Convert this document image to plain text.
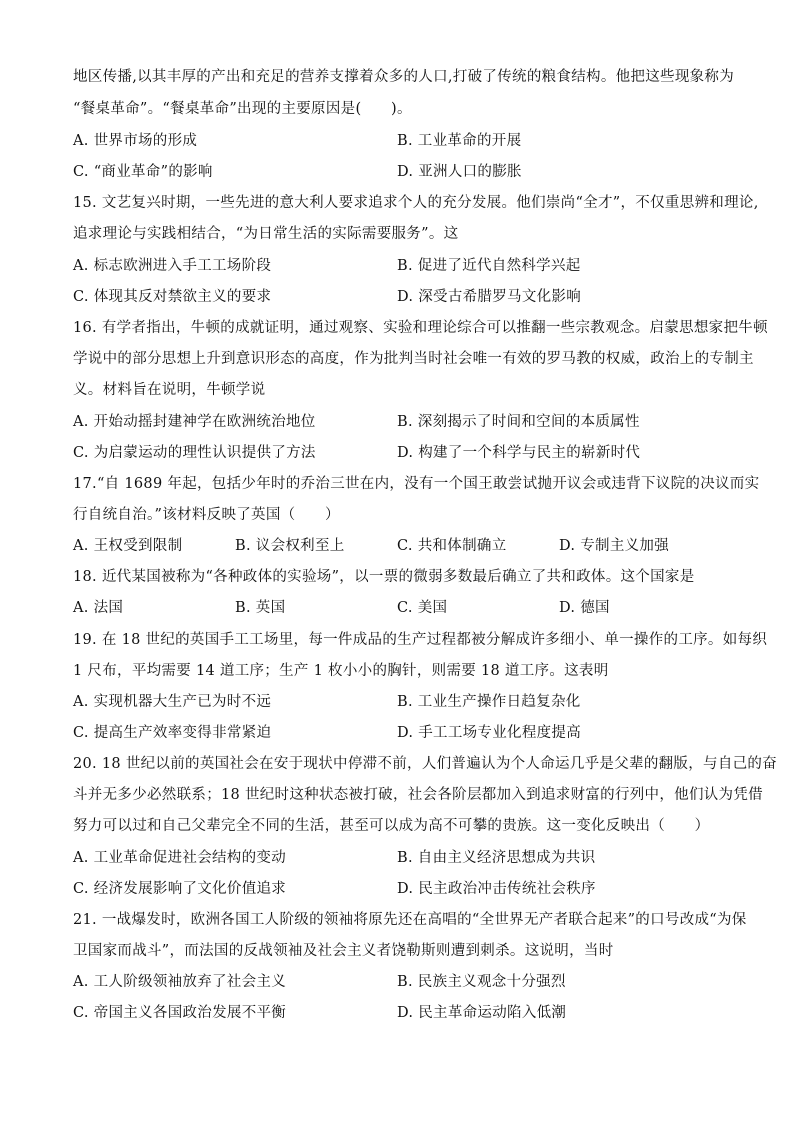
地区传播,以其丰厚的产出和充足的营养支撑着众多的人口,打破了传统的粮食结构。他把这些现象称为
“餐桌革命”。“餐桌革命”出现的主要原因是(　　)。
A. 世界市场的形成	B. 工业革命的开展
C. “商业革命”的影响	D. 亚洲人口的膨胀
15. 文艺复兴时期，一些先进的意大利人要求追求个人的充分发展。他们崇尚“全才”，不仅重思辨和理论,
追求理论与实践相结合，“为日常生活的实际需要服务”。这
A. 标志欧洲进入手工工场阶段	B. 促进了近代自然科学兴起
C. 体现其反对禁欲主义的要求	D. 深受古希腊罗马文化影响
16. 有学者指出，牛顿的成就证明，通过观察、实验和理论综合可以推翻一些宗教观念。启蒙思想家把牛顿
学说中的部分思想上升到意识形态的高度，作为批判当时社会唯一有效的罗马教的权威，政治上的专制主
义。材料旨在说明，牛顿学说
A. 开始动摇封建神学在欧洲统治地位	B. 深刻揭示了时间和空间的本质属性
C. 为启蒙运动的理性认识提供了方法	D. 构建了一个科学与民主的崭新时代
17.“自 1689 年起，包括少年时的乔治三世在内，没有一个国王敢尝试抛开议会或违背下议院的决议而实
行自统自治。”该材料反映了英国（　　）
A. 王权受到限制	B. 议会权利至上	C. 共和体制确立	D. 专制主义加强
18. 近代某国被称为“各种政体的实验场”，以一票的微弱多数最后确立了共和政体。这个国家是
A. 法国	B. 英国	C. 美国	D. 德国
19. 在 18 世纪的英国手工工场里，每一件成品的生产过程都被分解成许多细小、单一操作的工序。如每织
1 尺布，平均需要 14 道工序；生产 1 枚小小的胸针，则需要 18 道工序。这表明
A. 实现机器大生产已为时不远	B. 工业生产操作日趋复杂化
C. 提高生产效率变得非常紧迫	D. 手工工场专业化程度提高
20. 18 世纪以前的英国社会在安于现状中停滞不前，人们普遍认为个人命运几乎是父辈的翻版，与自己的奋
斗并无多少必然联系；18 世纪时这种状态被打破，社会各阶层都加入到追求财富的行列中，他们认为凭借
努力可以过和自己父辈完全不同的生活，甚至可以成为高不可攀的贵族。这一变化反映出（　　）
A. 工业革命促进社会结构的变动	B. 自由主义经济思想成为共识
C. 经济发展影响了文化价值追求	D. 民主政治冲击传统社会秩序
21. 一战爆发时，欧洲各国工人阶级的领袖将原先还在高唱的“全世界无产者联合起来”的口号改成“为保
卫国家而战斗”，而法国的反战领袖及社会主义者饶勒斯则遭到刺杀。这说明，当时
A. 工人阶级领袖放弃了社会主义	B. 民族主义观念十分强烈
C. 帝国主义各国政治发展不平衡	D. 民主革命运动陷入低潮
